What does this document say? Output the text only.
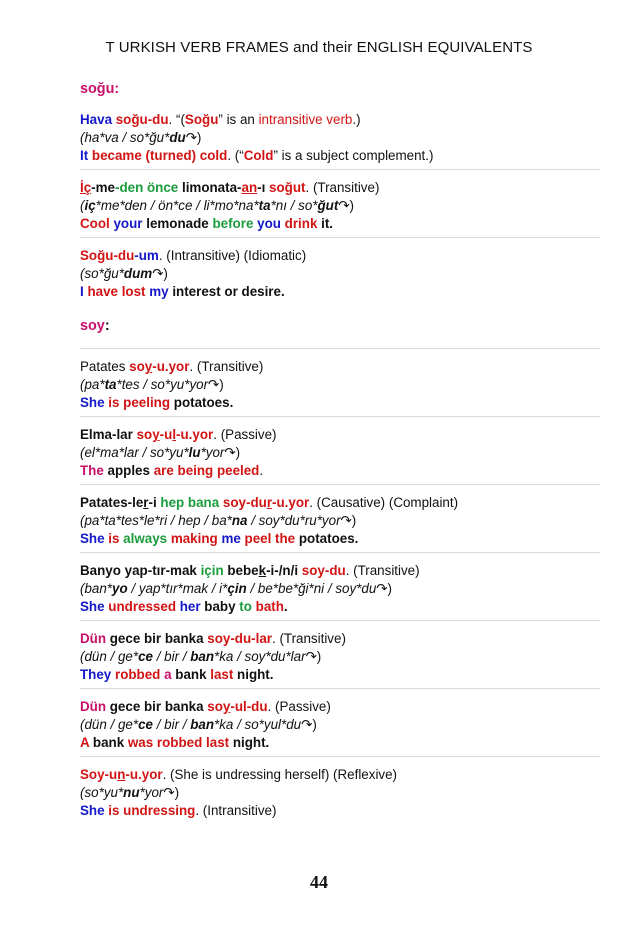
T URKISH VERB FRAMES and their ENGLISH EQUIVALENTS
soğu:
Hava soğu-du. “(Soğu” is an intransitive verb.)
(ha*va / so*ğu*du↷)
It became (turned) cold. (“Cold” is a subject complement.)
İç-me-den önce limonata-an-ı soğut. (Transitive)
(iç*me*den / ön*ce / li*mo*na*ta*nı / so*ğut↷)
Cool your lemonade before you drink it.
Soğu-du-um. (Intransitive) (Idiomatic)
(so*ğu*dum↷)
I have lost my interest or desire.
soy:
Patates soy-u.yor. (Transitive)
(pa*ta*tes / so*yu*yor↷)
She is peeling potatoes.
Elma-lar soy-ul-u.yor. (Passive)
(el*ma*lar / so*yu*lu*yor↷)
The apples are being peeled.
Patates-ler-i hep bana soy-dur-u.yor. (Causative) (Complaint)
(pa*ta*tes*le*ri / hep / ba*na / soy*du*ru*yor↷)
She is always making me peel the potatoes.
Banyo yap-tır-mak için bebek-i-/n/i soy-du. (Transitive)
(ban*yo / yap*tır*mak / i*çin / be*be*ği*ni / soy*du↷)
She undressed her baby to bath.
Dün gece bir banka soy-du-lar. (Transitive)
(dün / ge*ce / bir / ban*ka / soy*du*lar↷)
They robbed a bank last night.
Dün gece bir banka soy-ul-du. (Passive)
(dün / ge*ce / bir / ban*ka / so*yul*du↷)
A bank was robbed last night.
Soy-un-u.yor. (She is undressing herself) (Reflexive)
(so*yu*nu*yor↷)
She is undressing. (Intransitive)
44
